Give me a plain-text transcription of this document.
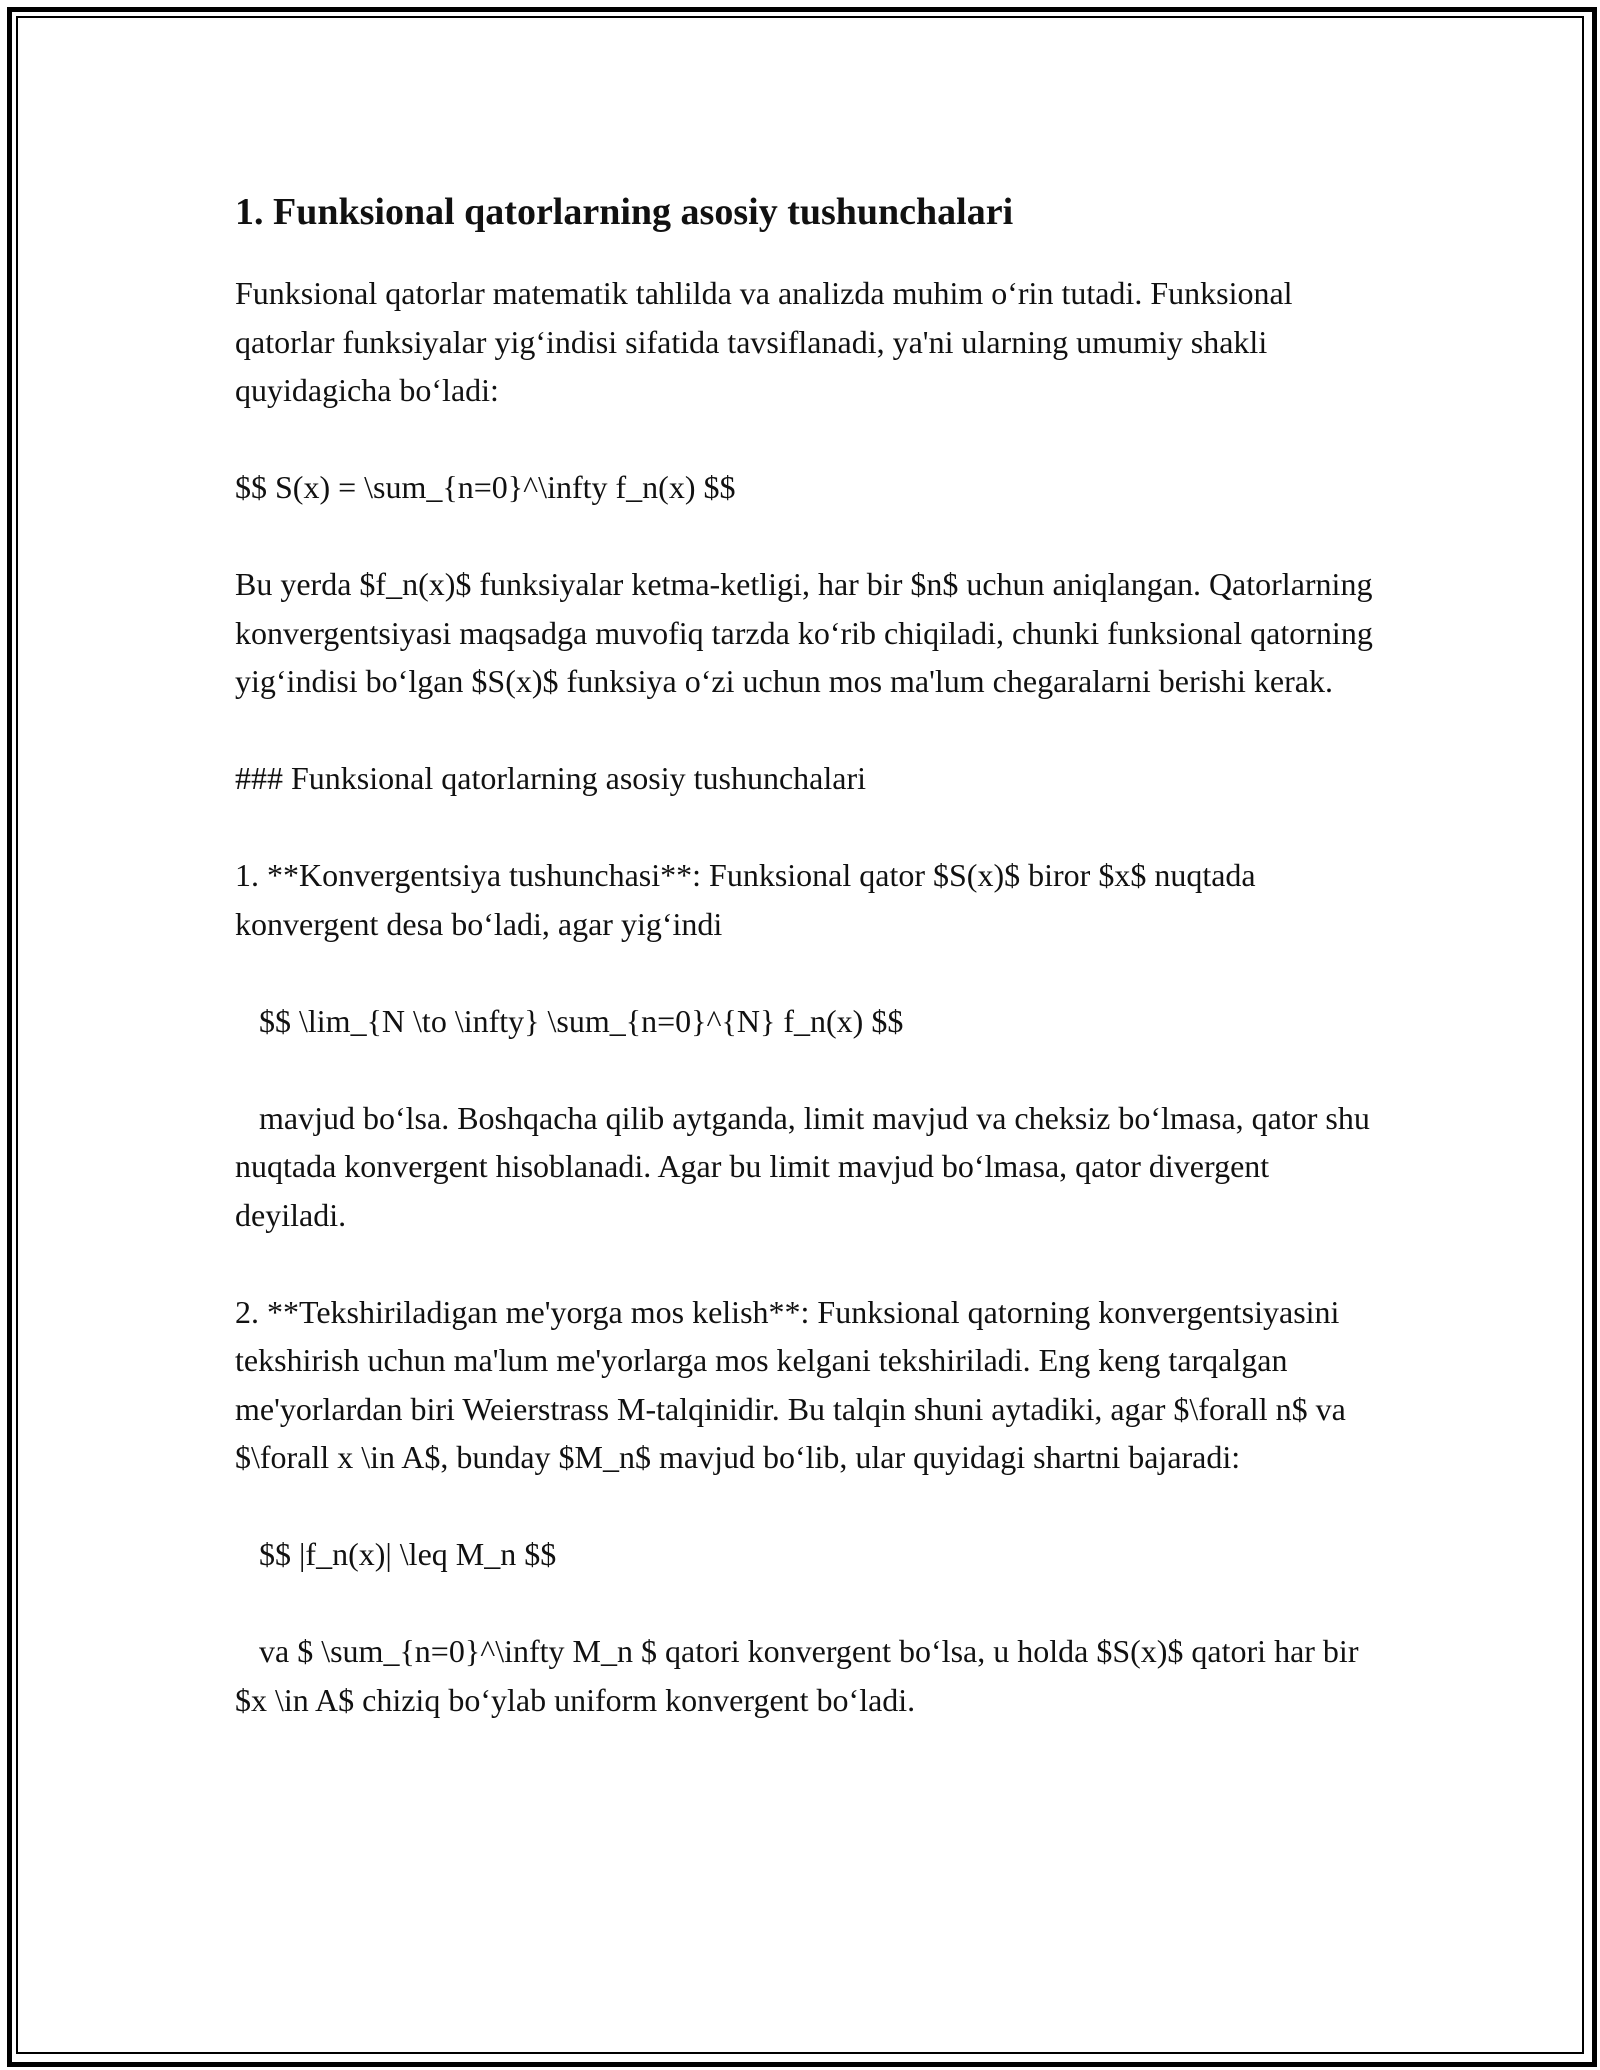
1. Funksional qatorlarning asosiy tushunchalari

Funksional qatorlar matematik tahlilda va analizda muhim o‘rin tutadi. Funksional qatorlar funksiyalar yig‘indisi sifatida tavsiflanadi, ya'ni ularning umumiy shakli quyidagicha bo‘ladi:

$$ S(x) = \sum_{n=0}^\infty f_n(x) $$

Bu yerda $f_n(x)$ funksiyalar ketma-ketligi, har bir $n$ uchun aniqlangan. Qatorlarning konvergentsiyasi maqsadga muvofiq tarzda ko‘rib chiqiladi, chunki funksional qatorning yig‘indisi bo‘lgan $S(x)$ funksiya o‘zi uchun mos ma'lum chegaralarni berishi kerak.

### Funksional qatorlarning asosiy tushunchalari

1. **Konvergentsiya tushunchasi**: Funksional qator $S(x)$ biror $x$ nuqtada konvergent desa bo‘ladi, agar yig‘indi

$$ \lim_{N \to \infty} \sum_{n=0}^{N} f_n(x) $$

mavjud bo‘lsa. Boshqacha qilib aytganda, limit mavjud va cheksiz bo‘lmasa, qator shu nuqtada konvergent hisoblanadi. Agar bu limit mavjud bo‘lmasa, qator divergent deyiladi.

2. **Tekshiriladigan me'yorga mos kelish**: Funksional qatorning konvergentsiyasini tekshirish uchun ma'lum me'yorlarga mos kelgani tekshiriladi. Eng keng tarqalgan me'yorlardan biri Weierstrass M-talqinidir. Bu talqin shuni aytadiki, agar $\forall n$ va $\forall x \in A$, bunday $M_n$ mavjud bo‘lib, ular quyidagi shartni bajaradi:

$$ |f_n(x)| \leq M_n $$

va $ \sum_{n=0}^\infty M_n $ qatori konvergent bo‘lsa, u holda $S(x)$ qatori har bir $x \in A$ chiziq bo‘ylab uniform konvergent bo‘ladi.
